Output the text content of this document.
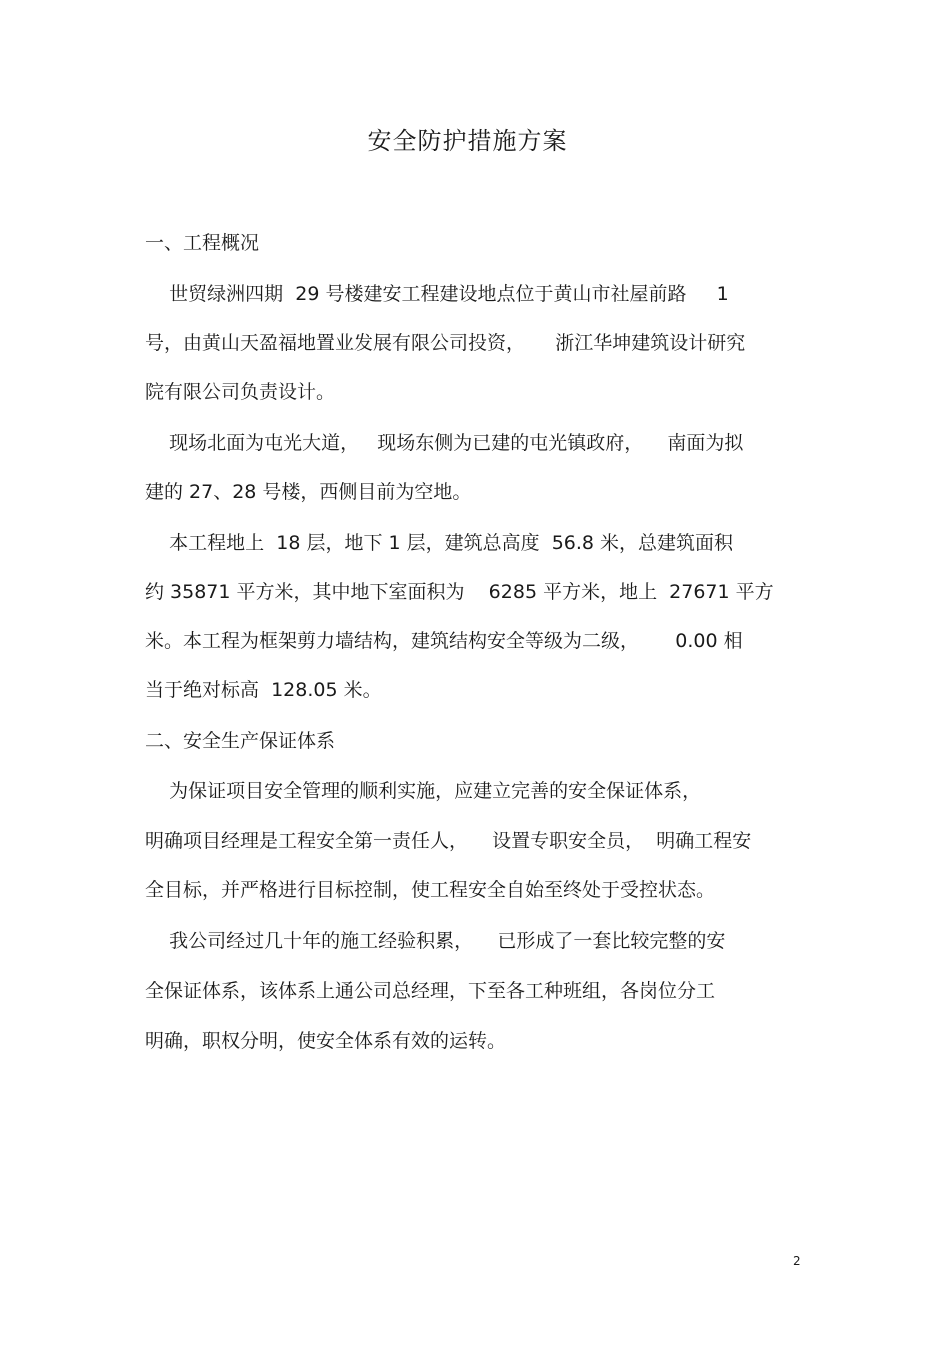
安全防护措施方案
一、工程概况
世贸绿洲四期  29 号楼建安工程建设地点位于黄山市社屋前路     1
号，由黄山天盈福地置业发展有限公司投资，     浙江华坤建筑设计研究
院有限公司负责设计。
现场北面为屯光大道，   现场东侧为已建的屯光镇政府，    南面为拟
建的 27、28 号楼，西侧目前为空地。
本工程地上  18 层，地下 1 层，建筑总高度  56.8 米，总建筑面积
约 35871 平方米，其中地下室面积为    6285 平方米，地上  27671 平方
米。本工程为框架剪力墙结构，建筑结构安全等级为二级，      0.00 相
当于绝对标高  128.05 米。
二、安全生产保证体系
为保证项目安全管理的顺利实施，应建立完善的安全保证体系，
明确项目经理是工程安全第一责任人，    设置专职安全员，  明确工程安
全目标，并严格进行目标控制，使工程安全自始至终处于受控状态。
我公司经过几十年的施工经验积累，    已形成了一套比较完整的安
全保证体系，该体系上通公司总经理，下至各工种班组，各岗位分工
明确，职权分明，使安全体系有效的运转。
2
